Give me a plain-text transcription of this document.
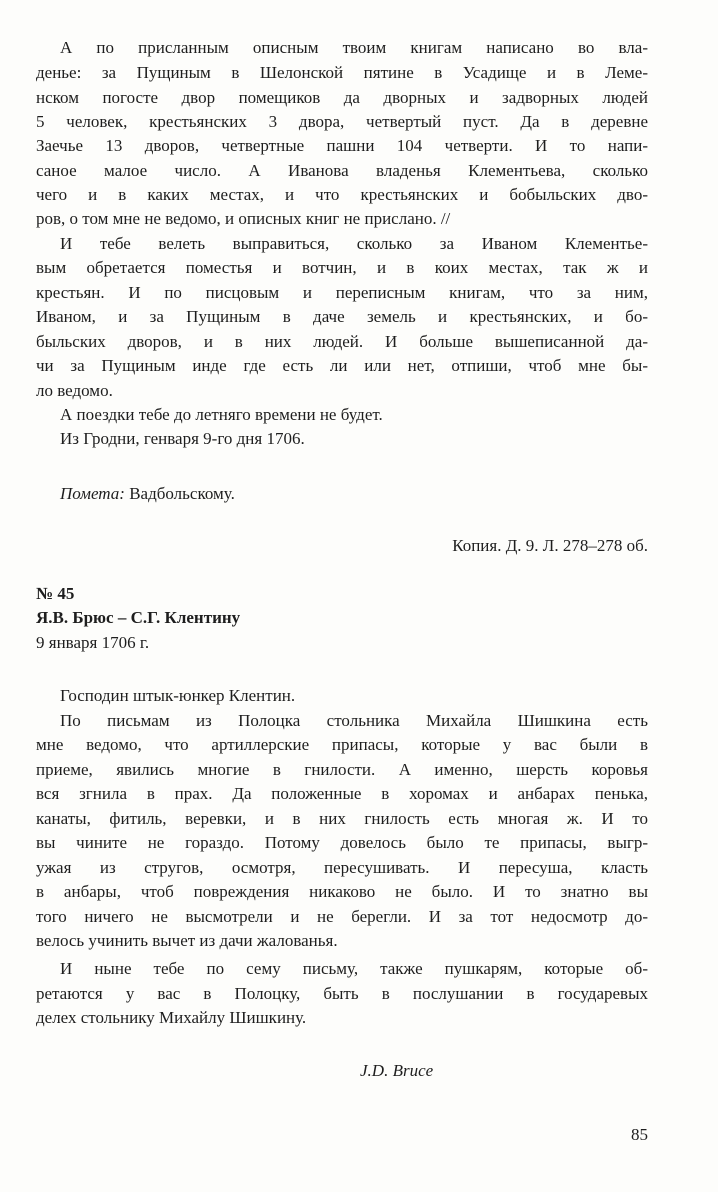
А по присланным описным твоим книгам написано во вла-
денье: за Пущиным в Шелонской пятине в Усадище и в Леме-
нском погосте двор помещиков да дворных и задворных людей
5 человек, крестьянских 3 двора, четвертый пуст. Да в деревне
Заечье 13 дворов, четвертные пашни 104 четверти. И то напи-
саное малое число. А Иванова владенья Клементьева, сколько
чего и в каких местах, и что крестьянских и бобыльских дво-
ров, о том мне не ведомо, и описных книг не прислано. //
И тебе велеть выправиться, сколько за Иваном Клементье-
вым обретается поместья и вотчин, и в коих местах, так ж и
крестьян. И по писцовым и переписным книгам, что за ним,
Иваном, и за Пущиным в даче земель и крестьянских, и бо-
быльских дворов, и в них людей. И больше вышеписанной да-
чи за Пущиным инде где есть ли или нет, отпиши, чтоб мне бы-
ло ведомо.
А поездки тебе до летняго времени не будет.
Из Гродни, генваря 9-го дня 1706.
Помета: Вадбольскому.
Копия. Д. 9. Л. 278–278 об.
№ 45
Я.В. Брюс – С.Г. Клентину
9 января 1706 г.
Господин штык-юнкер Клентин.
По письмам из Полоцка стольника Михайла Шишкина есть
мне ведомо, что артиллерские припасы, которые у вас были в
приеме, явились многие в гнилости. А именно, шерсть коровья
вся згнила в прах. Да положенные в хоромах и анбарах пенька,
канаты, фитиль, веревки, и в них гнилость есть многая ж. И то
вы чините не гораздо. Потому довелось было те припасы, выгр-
ужая из стругов, осмотря, пересушивать. И пересуша, класть
в анбары, чтоб повреждения никаково не было. И то знатно вы
того ничего не высмотрели и не берегли. И за тот недосмотр до-
велось учинить вычет из дачи жалованья.
И ныне тебе по сему письму, также пушкарям, которые об-
ретаются у вас в Полоцку, быть в послушании в государевых
делех стольнику Михайлу Шишкину.
J.D. Bruce
85
